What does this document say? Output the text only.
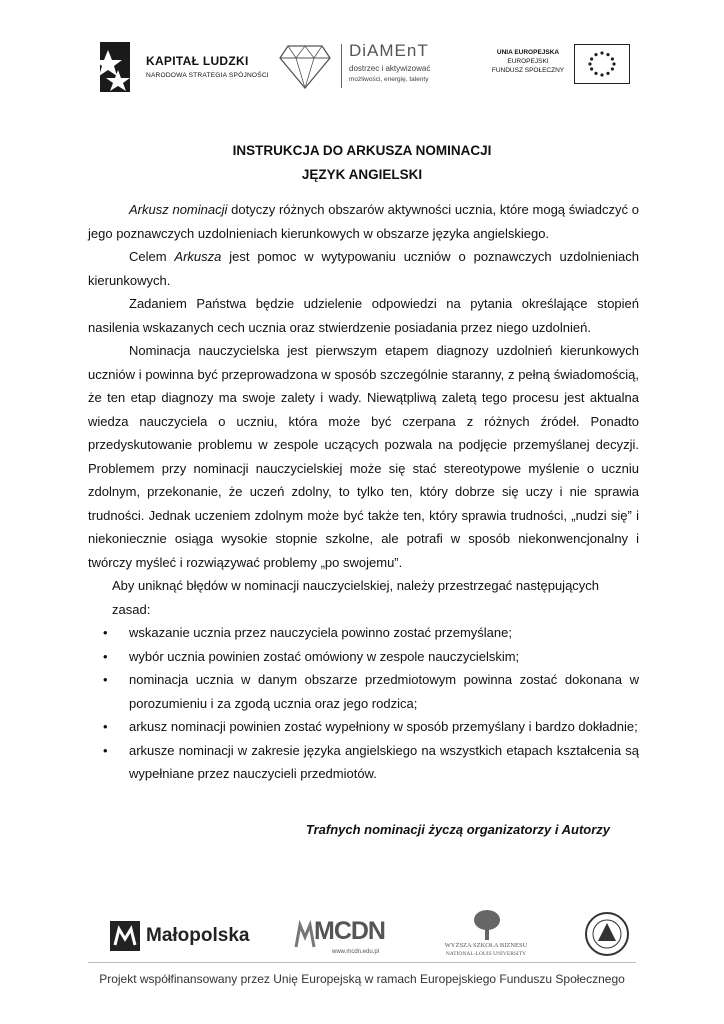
KAPITAŁ LUDZKI
NARODOWA STRATEGIA SPÓJNOŚCI
DiAMEnT
dostrzec i aktywizować
możliwości, energię, talenty
UNIA EUROPEJSKA
EUROPEJSKI
FUNDUSZ SPOŁECZNY
INSTRUKCJA DO ARKUSZA NOMINACJI
JĘZYK ANGIELSKI

Arkusz nominacji dotyczy różnych obszarów aktywności ucznia, które mogą świadczyć o jego poznawczych uzdolnieniach kierunkowych w obszarze języka angielskiego.

Celem Arkusza jest pomoc w wytypowaniu uczniów o poznawczych uzdolnieniach kierunkowych.

Zadaniem Państwa będzie udzielenie odpowiedzi na pytania określające stopień nasilenia wskazanych cech ucznia oraz stwierdzenie posiadania przez niego uzdolnień.

Nominacja nauczycielska jest pierwszym etapem diagnozy uzdolnień kierunkowych uczniów i powinna być przeprowadzona w sposób szczególnie staranny, z pełną świadomością, że ten etap diagnozy ma swoje zalety i wady. Niewątpliwą zaletą tego procesu jest aktualna wiedza nauczyciela o uczniu, która może być czerpana z różnych źródeł. Ponadto przedyskutowanie problemu w zespole uczących pozwala na podjęcie przemyślanej decyzji. Problemem przy nominacji nauczycielskiej może się stać stereotypowe myślenie o uczniu zdolnym, przekonanie, że uczeń zdolny, to tylko ten, który dobrze się uczy i nie sprawia trudności. Jednak uczeniem zdolnym może być także ten, który sprawia trudności, „nudzi się” i niekoniecznie osiąga wysokie stopnie szkolne, ale potrafi w sposób niekonwencjonalny i twórczy myśleć i rozwiązywać problemy „po swojemu”.

Aby uniknąć błędów w nominacji nauczycielskiej, należy przestrzegać następujących zasad:
• wskazanie ucznia przez nauczyciela powinno zostać przemyślane;
• wybór ucznia powinien zostać omówiony w zespole nauczycielskim;
• nominacja ucznia w danym obszarze przedmiotowym powinna zostać dokonana w porozumieniu i za zgodą ucznia oraz jego rodzica;
• arkusz nominacji powinien zostać wypełniony w sposób przemyślany i bardzo dokładnie;
• arkusze nominacji w zakresie języka angielskiego na wszystkich etapach kształcenia są wypełniane przez nauczycieli przedmiotów.
Trafnych nominacji życzą organizatorzy i Autorzy
Małopolska	MCDN
www.mcdn.edu.pl
WYŻSZA SZKOŁA BIZNESU
NATIONAL-LOUIS UNIVERSITY
Projekt współfinansowany przez Unię Europejską w ramach Europejskiego Funduszu Społecznego
